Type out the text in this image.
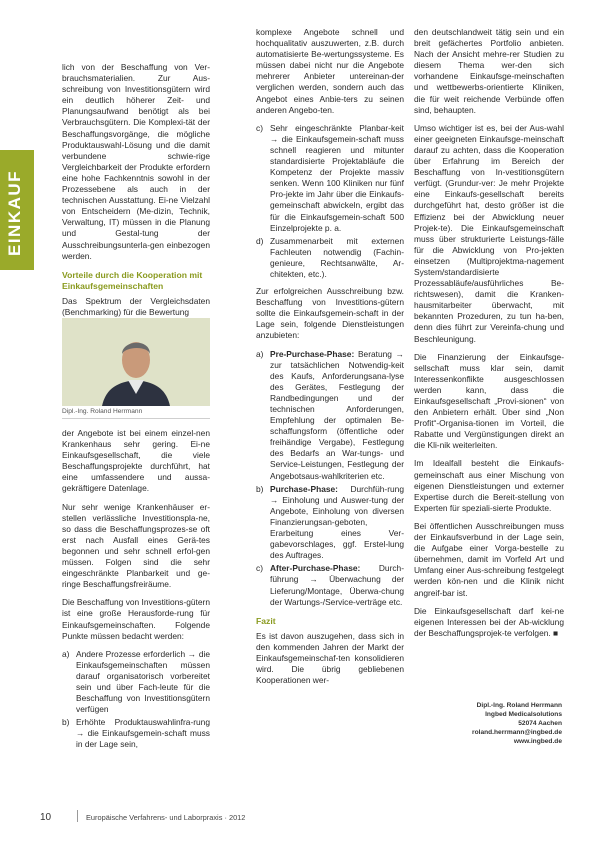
EINKAUF

lich von der Beschaffung von Ver-brauchsmaterialien. Zur Aus-schreibung von Investitionsgütern wird ein deutlich höherer Zeit- und Planungsaufwand benötigt als bei Verbrauchsgütern. Die Komplexi-tät der Beschaffungsvorgänge, die mögliche Produktauswahl-Lösung und die damit verbundene schwie-rige Vergleichbarkeit der Produkte erfordern eine hohe Fachkenntnis sowohl in der Prozessebene als auch in der technischen Ausstattung. Ei-ne Vielzahl von Entscheidern (Me-dizin, Technik, Verwaltung, IT) müssen in die Planung und Gestal-tung der Ausschreibungsunterla-gen einbezogen werden.

Vorteile durch die Kooperation mit Einkaufsgemeinschaften

Das Spektrum der Vergleichsdaten (Benchmarking) für die Bewertung

Dipl.-Ing. Roland Herrmann

der Angebote ist bei einem einzel-nen Krankenhaus sehr gering. Ei-ne Einkaufsgesellschaft, die viele Beschaffungsprojekte durchführt, hat eine umfassendere und aussa-gekräftigere Datenlage.

Nur sehr wenige Krankenhäuser er-stellen verlässliche Investitionspla-ne, so dass die Beschaffungsprozes-se oft erst nach Ausfall eines Gerä-tes begonnen und sehr schnell erfol-gen müssen. Folgen sind die sehr eingeschränkte Planbarkeit und ge-ringe Beschaffungsfreiräume.

Die Beschaffung von Investitions-gütern ist eine große Herausforde-rung für Einkaufsgemeinschaften. Folgende Punkte müssen bedacht werden:

a) Andere Prozesse erforderlich → die Einkaufsgemeinschaften müssen darauf organisatorisch vorbereitet sein und über Fach-leute für die Beschaffung von Investitionsgütern verfügen
b) Erhöhte Produktauswahlinfra-rung → die Einkaufsgemein-schaft muss in der Lage sein,

komplexe Angebote schnell und hochqualitativ auszuwerten, z.B. durch automatisierte Be-wertungssysteme. Es müssen dabei nicht nur die Angebote mehrerer Anbieter untereinan-der verglichen werden, sondern auch das Angebot eines Anbie-ters zu seinen anderen Angebo-ten.

c) Sehr eingeschränkte Planbar-keit → die Einkaufsgemein-schaft muss schnell reagieren und mitunter standardisierte Projektabläufe die Kompetenz der Projekte massiv senken. Wenn 100 Kliniken nur fünf Pro-jekte im Jahr über die Einkaufs-gemeinschaft abwickeln, ergibt das für die Einkaufsgemein-schaft 500 Einzelprojekte p. a.
d) Zusammenarbeit mit externen Fachleuten notwendig (Fachin-genieure, Rechtsanwälte, Ar-chitekten, etc.).

Zur erfolgreichen Ausschreibung bzw. Beschaffung von Investitions-gütern sollte die Einkaufsgemein-schaft in der Lage sein, folgende Dienstleistungen anzubieten:

a) Pre-Purchase-Phase: Beratung → zur tatsächlichen Notwendig-keit des Kaufs, Anforderungsana-lyse des Gerätes, Festlegung der Randbedingungen und der technischen Anforderungen, Empfehlung der optimalen Be-schaffungsform (öffentliche oder freihändige Vergabe), Festlegung des Bedarfs an War-tungs- und Service-Leistungen, Festlegung der Angebotsaus-wahlkriterien etc.
b) Purchase-Phase: Durchfüh-rung → Einholung und Auswer-tung der Angebote, Einholung von diversen Finanzierungsan-geboten, Erarbeitung eines Ver-gabevorschlages, ggf. Erstel-lung des Auftrages.
c) After-Purchase-Phase: Durch-führung → Überwachung der Lieferung/Montage, Überwa-chung der Wartungs-/Service-verträge etc.
Fazit

Es ist davon auszugehen, dass sich in den kommenden Jahren der Markt der Einkaufsgemeinschaf-ten konsolidieren wird. Die übrig gebliebenen Kooperationen wer-

den deutschlandweit tätig sein und ein breit gefächertes Portfolio anbieten. Nach der Ansicht mehre-rer Studien zu diesem Thema wer-den sich vorhandene Einkaufsge-meinschaften und wettbewerbs-orientierte Kliniken, die für weit reichende Verbünde offen sind, behaupten.

Umso wichtiger ist es, bei der Aus-wahl einer geeigneten Einkaufsge-meinschaft darauf zu achten, dass die Kooperation über Erfahrung im Bereich der Beschaffung von In-vestitionsgütern verfügt. (Grundur-ver: Je mehr Projekte eine Einkaufs-gesellschaft bereits durchgeführt hat, desto größer ist die Effizienz bei der Abwicklung neuer Projek-te). Die Einkaufsgemeinschaft muss über strukturierte Leistungs-fälle für die Abwicklung von Pro-jekten einsetzen (Multiprojektma-nagement System/standardisierte Prozessabläufe/ausführliches Be-richtswesen), damit die Kranken-hausmitarbeiter überwacht, mit bekannten Prozeduren, zu tun ha-ben, denn dies führt zur Vereinfa-chung und Beschleunigung.

Die Finanzierung der Einkaufsge-sellschaft muss klar sein, damit Interessenkonflikte ausgeschlossen werden kann, dass die Einkaufsgesellschaft „Provi-sionen“ von den Anbietern erhält. Über sind „Non Profit“-Organisa-tionen im Vorteil, die Rabatte und Vergünstigungen direkt an die Kli-nik weiterleiten.

Im Idealfall besteht die Einkaufs-gemeinschaft aus einer Mischung von eigenen Dienstleistungen und externer Expertise durch die Bereit-stellung von Experten für speziali-sierte Produkte.

Bei öffentlichen Ausschreibungen muss der Einkaufsverbund in der Lage sein, die Aufgabe einer Vorga-bestelle zu übernehmen, damit im Vorfeld Art und Umfang einer Aus-schreibung festgelegt werden kön-nen und die Klinik nicht angreif-bar ist.

Die Einkaufsgesellschaft darf kei-ne eigenen Interessen bei der Ab-wicklung der Beschaffungsprojek-te verfolgen. ■

Dipl.-Ing. Roland Herrmann
Ingbed Medicalsolutions
52074 Aachen
roland.herrmann@ingbed.de
www.ingbed.de
10	Europäische Verfahrens- und Laborpraxis · 2012
